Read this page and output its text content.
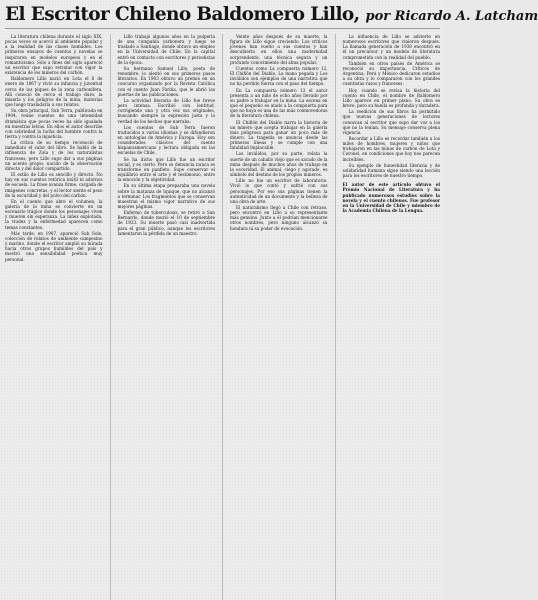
El Escritor Chileno Baldomero Lillo, por Ricardo A. Latcham

La literatura chilena durante el siglo XIX, pocas veces se acercó al ambiente popular y a la realidad de las clases humildes. Los primeros ensayos de cuentos y novelas se inspiraron en modelos europeos y en el romanticismo. Sólo a fines del siglo apareció un escritor que supo retratar con vigor la existencia de los mineros del carbón.

Baldomero Lillo nació en Lota el 6 de enero de 1867 y vivió su infancia y juventud cerca de los piques de la zona carbonífera. Allí conoció de cerca el trabajo duro, la miseria y los peligros de la mina, materias que luego trasladaría a sus relatos.

Su obra principal, Sub Terra, publicada en 1904, reúne cuentos de una intensidad dramática que pocas veces ha sido igualada en nuestras letras. En ellos el autor describe con sobriedad la lucha del hombre contra la tierra y contra la injusticia.

La crítica de su tiempo reconoció de inmediato el valor del libro. Se habló de la influencia de Zola y de los naturalistas franceses, pero Lillo supo dar a sus páginas un acento propio, nacido de la observación directa y del dolor compartido.

El estilo de Lillo es sencillo y directo. No hay en sus cuentos retórica inútil ni adornos de escuela. La frase avanza firme, cargada de imágenes concretas, y el lector siente el peso de la oscuridad y del polvo del carbón.

En el cuento que abre el volumen, la galería de la mina se convierte en un escenario trágico donde los personajes viven y mueren sin esperanza. La niñez explotada, la viudez y la enfermedad aparecen como temas constantes.

Más tarde, en 1907, apareció Sub Sole, colección de relatos de ambiente campesino y marino, donde el escritor amplió su mirada hacia otros grupos humildes del país y mostró una sensibilidad poética muy personal.

Lillo trabajó algunos años en la pulpería de una compañía carbonera y luego se trasladó a Santiago, donde obtuvo un empleo en la Universidad de Chile. En la capital entró en contacto con escritores y periodistas de la época.

Su hermano Samuel Lillo, poeta de renombre, lo alentó en sus primeros pasos literarios. En 1903 obtuvo un premio en un concurso organizado por la Revista Católica con el cuento Juan Fariña, que le abrió las puertas de las publicaciones.

La actividad literaria de Lillo fue breve pero intensa. Escribió con lentitud, corrigiendo una y otra vez sus originales, buscando siempre la expresión justa y la verdad de los hechos que narraba.

Los cuentos de Sub Terra fueron traducidos a varios idiomas y se difundieron en antologías de América y Europa. Hoy son considerados clásicos del cuento hispanoamericano y lectura obligada en las escuelas de Chile.

Se ha dicho que Lillo fue un escritor social, y es cierto. Pero su denuncia nunca se transformó en panfleto. Supo conservar el equilibrio entre el arte y el testimonio, entre la emoción y la objetividad.

En su última etapa preparaba una novela sobre la matanza de Iquique, que no alcanzó a terminar. Los fragmentos que se conservan muestran el mismo vigor narrativo de sus mejores páginas.

Enfermo de tuberculosis, se retiró a San Bernardo, donde murió el 10 de septiembre de 1923. Su muerte pasó casi inadvertida para el gran público, aunque los escritores lamentaron la pérdida de un maestro.

Veinte años después de su muerte, la figura de Lillo sigue creciendo. Los críticos jóvenes han vuelto a sus cuentos y han descubierto en ellos una modernidad sorprendente, una técnica segura y un profundo conocimiento del alma popular.

Cuentos como La compuerta número 12, El Chiflón del Diablo, La mano pegada y Los inválidos son ejemplos de una narrativa que no ha perdido fuerza con el paso del tiempo.

En La compuerta número 12 el autor presenta a un niño de ocho años llevado por su padre a trabajar en la mina. La escena en que el pequeño es atado a la compuerta para que no huya es una de las más conmovedoras de la literatura chilena.

El Chiflón del Diablo narra la historia de un minero que acepta trabajar en la galería más peligrosa para ganar un poco más de dinero. La tragedia se anuncia desde las primeras líneas y se cumple con una fatalidad implacable.

Los inválidos, por su parte, relata la suerte de un caballo viejo que es sacado de la mina después de muchos años de trabajo en la oscuridad. El animal, ciego y agotado, es símbolo del destino de los propios mineros.

Lillo no fue un escritor de laboratorio. Vivió lo que contó y sufrió con sus personajes. Por eso sus páginas tienen la autenticidad de un documento y la belleza de una obra de arte.

El naturalismo llegó a Chile con retraso, pero encontró en Lillo a su representante más genuino. Junto a él podrían mencionarse otros nombres, pero ninguno alcanzó su hondura ni su poder de evocación.

La influencia de Lillo se advierte en numerosos escritores que vinieron después. La llamada generación de 1938 encontró en él un precursor y un modelo de literatura comprometida con la realidad del pueblo.

También en otros países de América se reconoció su importancia. Críticos de Argentina, Perú y México dedicaron estudios a su obra y lo compararon con los grandes cuentistas rusos y franceses.

Hoy, cuando se revisa la historia del cuento en Chile, el nombre de Baldomero Lillo aparece en primer plano. Su obra es breve, pero su huella es profunda y duradera.

La reedición de sus libros ha permitido que nuevas generaciones de lectores conozcan al escritor que supo dar voz a los que no la tenían. Su mensaje conserva plena vigencia.

Recordar a Lillo es recordar también a los miles de hombres, mujeres y niños que trabajaron en las minas de carbón de Lota y Coronel, en condiciones que hoy nos parecen increíbles.

Su ejemplo de honestidad literaria y de solidaridad humana sigue siendo una lección para los escritores de nuestro tiempo.

El autor de este artículo obtuvo el Premio Nacional de Literatura y ha publicado numerosos estudios sobre la novela y el cuento chilenos. Fue profesor en la Universidad de Chile y miembro de la Academia Chilena de la Lengua.
